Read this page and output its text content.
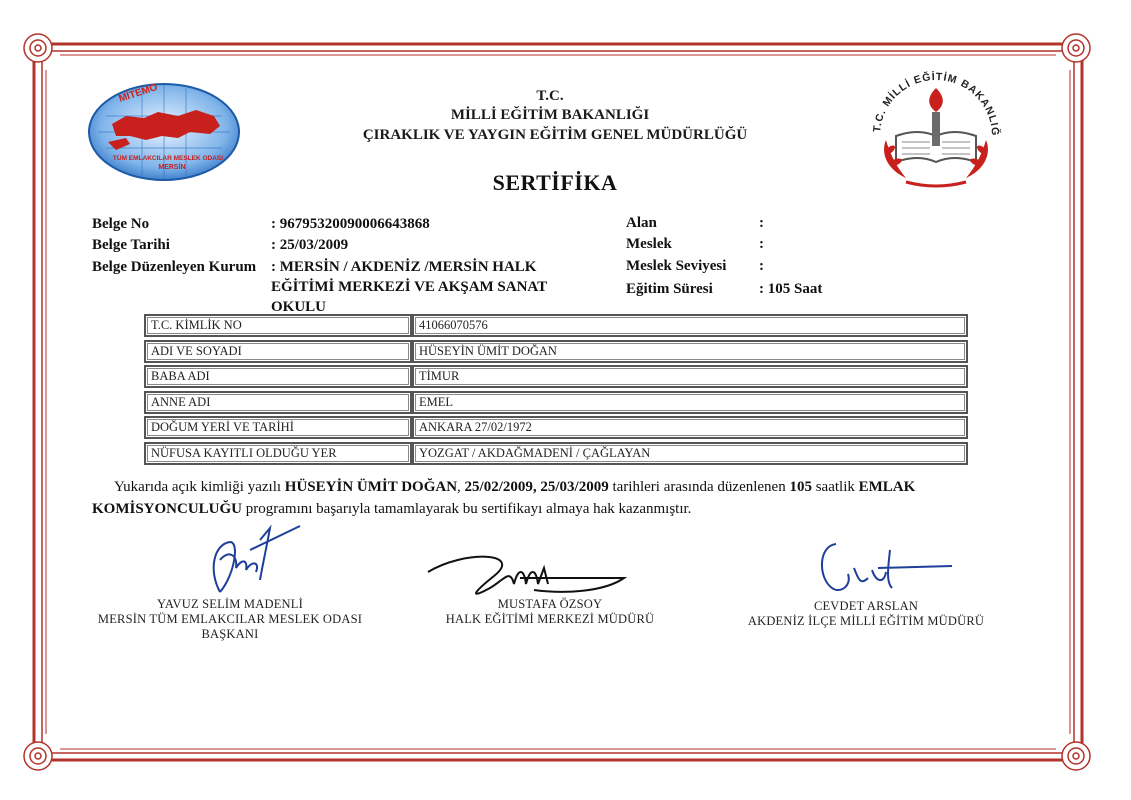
MİTEMO
TÜM EMLAKCILAR MESLEK ODASI
MERSİN
T.C. MİLLİ EĞİTİM BAKANLIĞ
T.C.
MİLLİ EĞİTİM BAKANLIĞI
ÇIRAKLIK VE YAYGIN EĞİTİM GENEL MÜDÜRLÜĞÜ
SERTİFİKA
Belge No	: 96795320090006643868
Belge Tarihi	: 25/03/2009
Belge Düzenleyen Kurum : MERSİN / AKDENİZ /MERSİN HALK
EĞİTİMİ MERKEZİ VE AKŞAM SANAT
OKULU
Alan	:
Meslek	:
Meslek Seviyesi :
Eğitim Süresi	: 105 Saat
T.C. KİMLİK NO	41066070576
ADI VE SOYADI	HÜSEYİN ÜMİT DOĞAN
BABA ADI	TİMUR
ANNE ADI	EMEL
DOĞUM YERİ VE TARİHİ	ANKARA 27/02/1972
NÜFUSA KAYITLI OLDUĞU YER	YOZGAT / AKDAĞMADENİ / ÇAĞLAYAN
Yukarıda açık kimliği yazılı HÜSEYİN ÜMİT DOĞAN, 25/02/2009, 25/03/2009 tarihleri arasında düzenlenen 105 saatlik EMLAK KOMİSYONCULUĞU programını başarıyla tamamlayarak bu sertifikayı almaya hak kazanmıştır.
YAVUZ SELİM MADENLİ
MERSİN TÜM EMLAKCILAR MESLEK ODASI
BAŞKANI
MUSTAFA ÖZSOY
HALK EĞİTİMİ MERKEZİ MÜDÜRÜ
CEVDET ARSLAN
AKDENİZ İLÇE MİLLİ EĞİTİM MÜDÜRÜ
